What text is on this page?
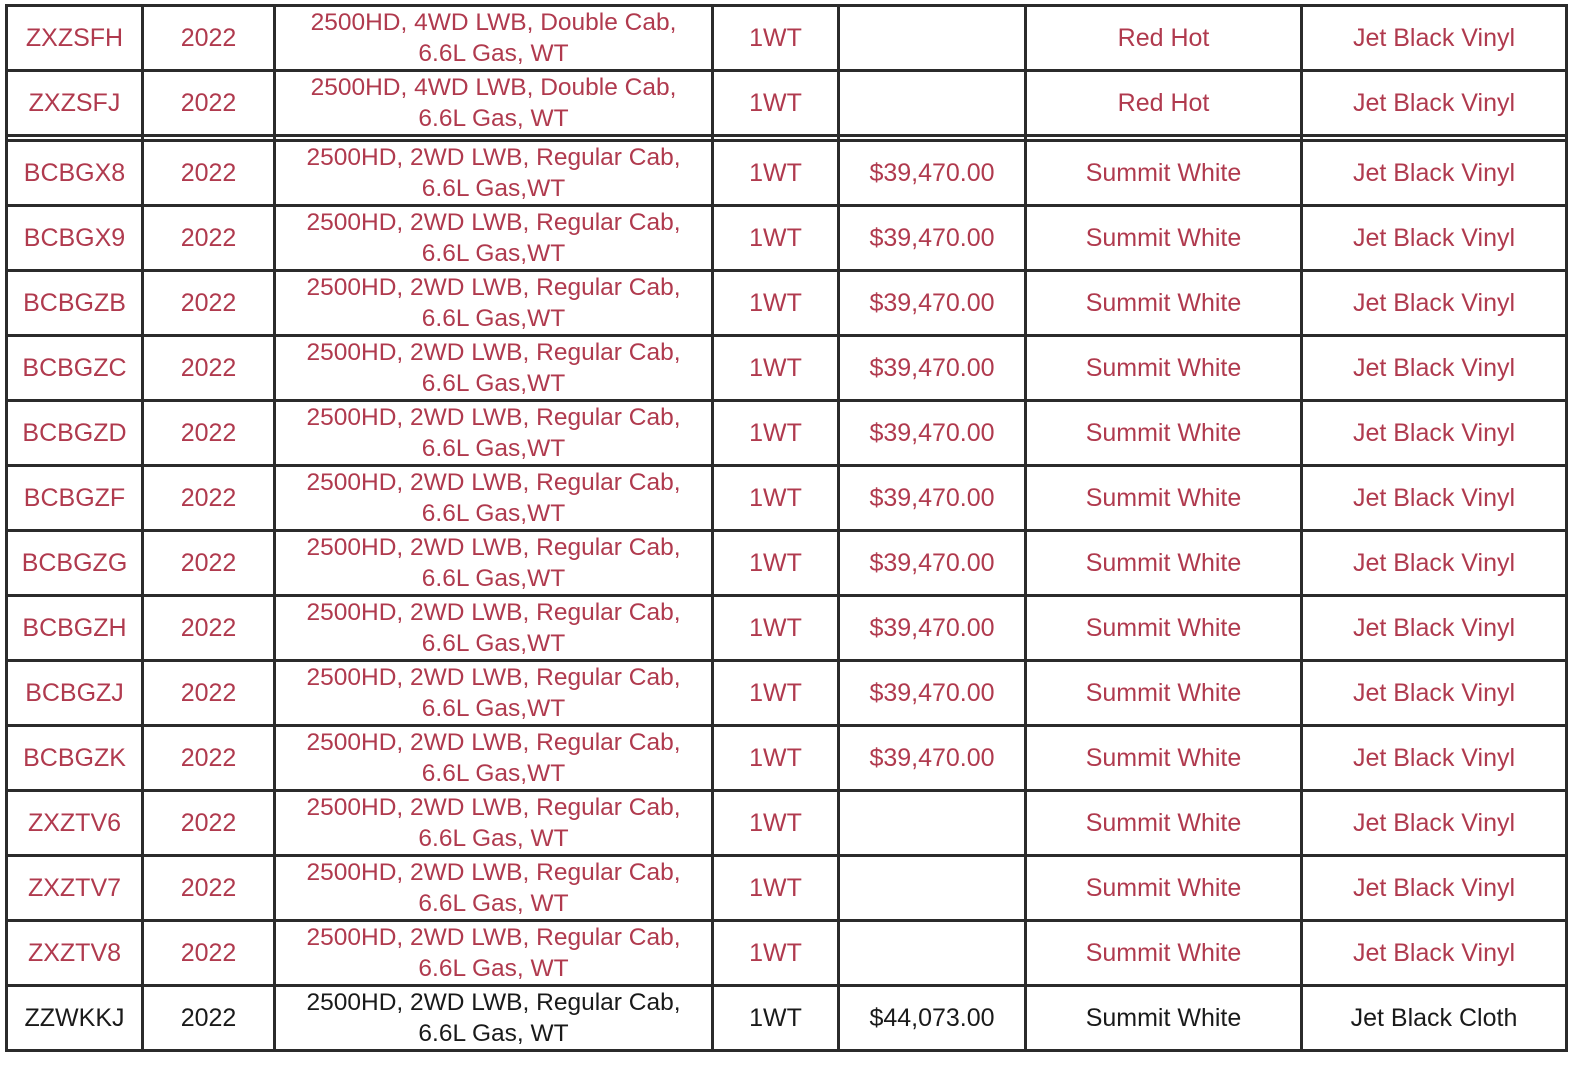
ZXZSFH	2022	2500HD, 4WD LWB, Double Cab,
6.6L Gas, WT	1WT		Red Hot	Jet Black Vinyl
ZXZSFJ	2022	2500HD, 4WD LWB, Double Cab,
6.6L Gas, WT	1WT		Red Hot	Jet Black Vinyl

BCBGX8	2022	2500HD, 2WD LWB, Regular Cab,
6.6L Gas,WT	1WT	$39,470.00	Summit White	Jet Black Vinyl
BCBGX9	2022	2500HD, 2WD LWB, Regular Cab,
6.6L Gas,WT	1WT	$39,470.00	Summit White	Jet Black Vinyl
BCBGZB	2022	2500HD, 2WD LWB, Regular Cab,
6.6L Gas,WT	1WT	$39,470.00	Summit White	Jet Black Vinyl
BCBGZC	2022	2500HD, 2WD LWB, Regular Cab,
6.6L Gas,WT	1WT	$39,470.00	Summit White	Jet Black Vinyl
BCBGZD	2022	2500HD, 2WD LWB, Regular Cab,
6.6L Gas,WT	1WT	$39,470.00	Summit White	Jet Black Vinyl
BCBGZF	2022	2500HD, 2WD LWB, Regular Cab,
6.6L Gas,WT	1WT	$39,470.00	Summit White	Jet Black Vinyl
BCBGZG	2022	2500HD, 2WD LWB, Regular Cab,
6.6L Gas,WT	1WT	$39,470.00	Summit White	Jet Black Vinyl
BCBGZH	2022	2500HD, 2WD LWB, Regular Cab,
6.6L Gas,WT	1WT	$39,470.00	Summit White	Jet Black Vinyl
BCBGZJ	2022	2500HD, 2WD LWB, Regular Cab,
6.6L Gas,WT	1WT	$39,470.00	Summit White	Jet Black Vinyl
BCBGZK	2022	2500HD, 2WD LWB, Regular Cab,
6.6L Gas,WT	1WT	$39,470.00	Summit White	Jet Black Vinyl
ZXZTV6	2022	2500HD, 2WD LWB, Regular Cab,
6.6L Gas, WT	1WT		Summit White	Jet Black Vinyl
ZXZTV7	2022	2500HD, 2WD LWB, Regular Cab,
6.6L Gas, WT	1WT		Summit White	Jet Black Vinyl
ZXZTV8	2022	2500HD, 2WD LWB, Regular Cab,
6.6L Gas, WT	1WT		Summit White	Jet Black Vinyl
ZZWKKJ	2022	2500HD, 2WD LWB, Regular Cab,
6.6L Gas, WT	1WT	$44,073.00	Summit White	Jet Black Cloth
